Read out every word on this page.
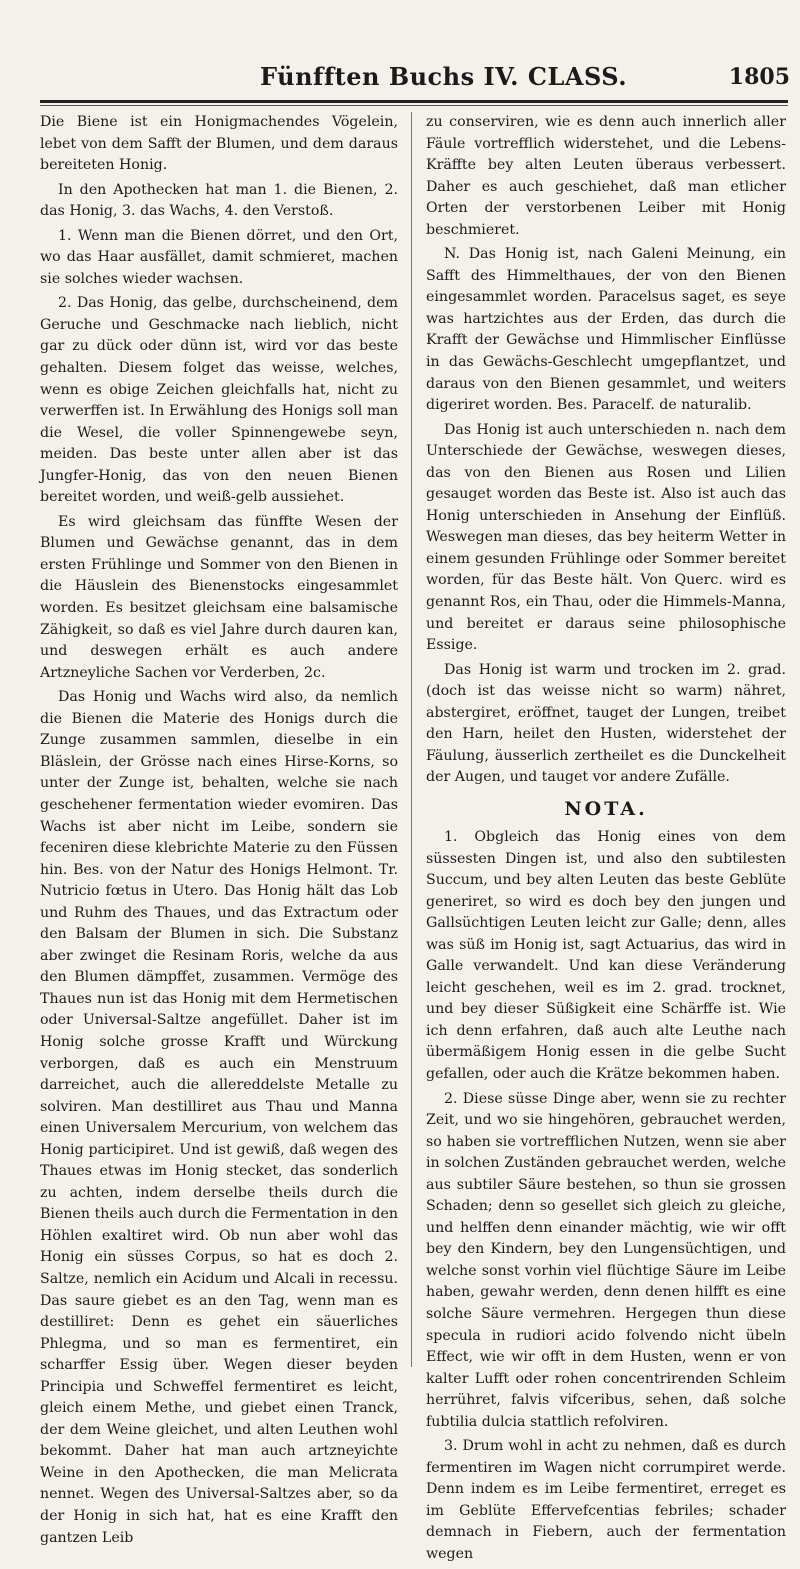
Fünfften Buchs IV. CLASS.	1805

Die Biene ist ein Honigmachendes Vögelein, lebet von dem Safft der Blumen, und dem daraus bereiteten Honig.

In den Apothecken hat man 1. die Bienen, 2. das Honig, 3. das Wachs, 4. den Verstoß.

1. Wenn man die Bienen dörret, und den Ort, wo das Haar ausfället, damit schmieret, machen sie solches wieder wachsen.

2. Das Honig, das gelbe, durchscheinend, dem Geruche und Geschmacke nach lieblich, nicht gar zu dück oder dünn ist, wird vor das beste gehalten. Diesem folget das weisse, welches, wenn es obige Zeichen gleichfalls hat, nicht zu verwerffen ist. In Erwählung des Honigs soll man die Wesel, die voller Spinnengewebe seyn, meiden. Das beste unter allen aber ist das Jungfer-Honig, das von den neuen Bienen bereitet worden, und weiß-gelb aussiehet.

Es wird gleichsam das fünffte Wesen der Blumen und Gewächse genannt, das in dem ersten Frühlinge und Sommer von den Bienen in die Häuslein des Bienenstocks eingesammlet worden. Es besitzet gleichsam eine balsamische Zähigkeit, so daß es viel Jahre durch dauren kan, und deswegen erhält es auch andere Artzneyliche Sachen vor Verderben, 2c.

Das Honig und Wachs wird also, da nemlich die Bienen die Materie des Honigs durch die Zunge zusammen sammlen, dieselbe in ein Bläslein, der Grösse nach eines Hirse-Korns, so unter der Zunge ist, behalten, welche sie nach geschehener fermentation wieder evomiren. Das Wachs ist aber nicht im Leibe, sondern sie feceniren diese klebrichte Materie zu den Füssen hin. Bes. von der Natur des Honigs Helmont. Tr. Nutricio fœtus in Utero. Das Honig hält das Lob und Ruhm des Thaues, und das Extractum oder den Balsam der Blumen in sich. Die Substanz aber zwinget die Resinam Roris, welche da aus den Blumen dämpffet, zusammen. Vermöge des Thaues nun ist das Honig mit dem Hermetischen oder Universal-Saltze angefüllet. Daher ist im Honig solche grosse Krafft und Würckung verborgen, daß es auch ein Menstruum darreichet, auch die allereddelste Metalle zu solviren. Man destilliret aus Thau und Manna einen Universalem Mercurium, von welchem das Honig participiret. Und ist gewiß, daß wegen des Thaues etwas im Honig stecket, das sonderlich zu achten, indem derselbe theils durch die Bienen theils auch durch die Fermentation in den Höhlen exaltiret wird. Ob nun aber wohl das Honig ein süsses Corpus, so hat es doch 2. Saltze, nemlich ein Acidum und Alcali in recessu. Das saure giebet es an den Tag, wenn man es destilliret: Denn es gehet ein säuerliches Phlegma, und so man es fermentiret, ein scharffer Essig über. Wegen dieser beyden Principia und Schweffel fermentiret es leicht, gleich einem Methe, und giebet einen Tranck, der dem Weine gleichet, und alten Leuthen wohl bekommt. Daher hat man auch artzneyichte Weine in den Apothecken, die man Melicrata nennet. Wegen des Universal-Saltzes aber, so da der Honig in sich hat, hat es eine Krafft den gantzen Leib

zu conserviren, wie es denn auch innerlich aller Fäule vortrefflich widerstehet, und die Lebens-Kräffte bey alten Leuten überaus verbessert. Daher es auch geschiehet, daß man etlicher Orten der verstorbenen Leiber mit Honig beschmieret.

N. Das Honig ist, nach Galeni Meinung, ein Safft des Himmelthaues, der von den Bienen eingesammlet worden. Paracelsus saget, es seye was hartzichtes aus der Erden, das durch die Krafft der Gewächse und Himmlischer Einflüsse in das Gewächs-Geschlecht umgepflantzet, und daraus von den Bienen gesammlet, und weiters digeriret worden. Bes. Paracelf. de naturalib.

Das Honig ist auch unterschieden n. nach dem Unterschiede der Gewächse, weswegen dieses, das von den Bienen aus Rosen und Lilien gesauget worden das Beste ist. Also ist auch das Honig unterschieden in Ansehung der Einflüß. Weswegen man dieses, das bey heiterm Wetter in einem gesunden Frühlinge oder Sommer bereitet worden, für das Beste hält. Von Querc. wird es genannt Ros, ein Thau, oder die Himmels-Manna, und bereitet er daraus seine philosophische Essige.

Das Honig ist warm und trocken im 2. grad. (doch ist das weisse nicht so warm) nähret, abstergiret, eröffnet, tauget der Lungen, treibet den Harn, heilet den Husten, widerstehet der Fäulung, äusserlich zertheilet es die Dunckelheit der Augen, und tauget vor andere Zufälle.

NOTA.

1. Obgleich das Honig eines von dem süssesten Dingen ist, und also den subtilesten Succum, und bey alten Leuten das beste Geblüte generiret, so wird es doch bey den jungen und Gallsüchtigen Leuten leicht zur Galle; denn, alles was süß im Honig ist, sagt Actuarius, das wird in Galle verwandelt. Und kan diese Veränderung leicht geschehen, weil es im 2. grad. trocknet, und bey dieser Süßigkeit eine Schärffe ist. Wie ich denn erfahren, daß auch alte Leuthe nach übermäßigem Honig essen in die gelbe Sucht gefallen, oder auch die Krätze bekommen haben.

2. Diese süsse Dinge aber, wenn sie zu rechter Zeit, und wo sie hingehören, gebrauchet werden, so haben sie vortrefflichen Nutzen, wenn sie aber in solchen Zuständen gebrauchet werden, welche aus subtiler Säure bestehen, so thun sie grossen Schaden; denn so gesellet sich gleich zu gleiche, und helffen denn einander mächtig, wie wir offt bey den Kindern, bey den Lungensüchtigen, und welche sonst vorhin viel flüchtige Säure im Leibe haben, gewahr werden, denn denen hilfft es eine solche Säure vermehren. Hergegen thun diese specula in rudiori acido folvendo nicht übeln Effect, wie wir offt in dem Husten, wenn er von kalter Lufft oder rohen concentrirenden Schleim herrühret, falvis vifceribus, sehen, daß solche fubtilia dulcia stattlich refolviren.

3. Drum wohl in acht zu nehmen, daß es durch fermentiren im Wagen nicht corrumpiret werde. Denn indem es im Leibe fermentiret, erreget es im Geblüte Effervefcentias febriles; schader demnach in Fiebern, auch der fermentation wegen
